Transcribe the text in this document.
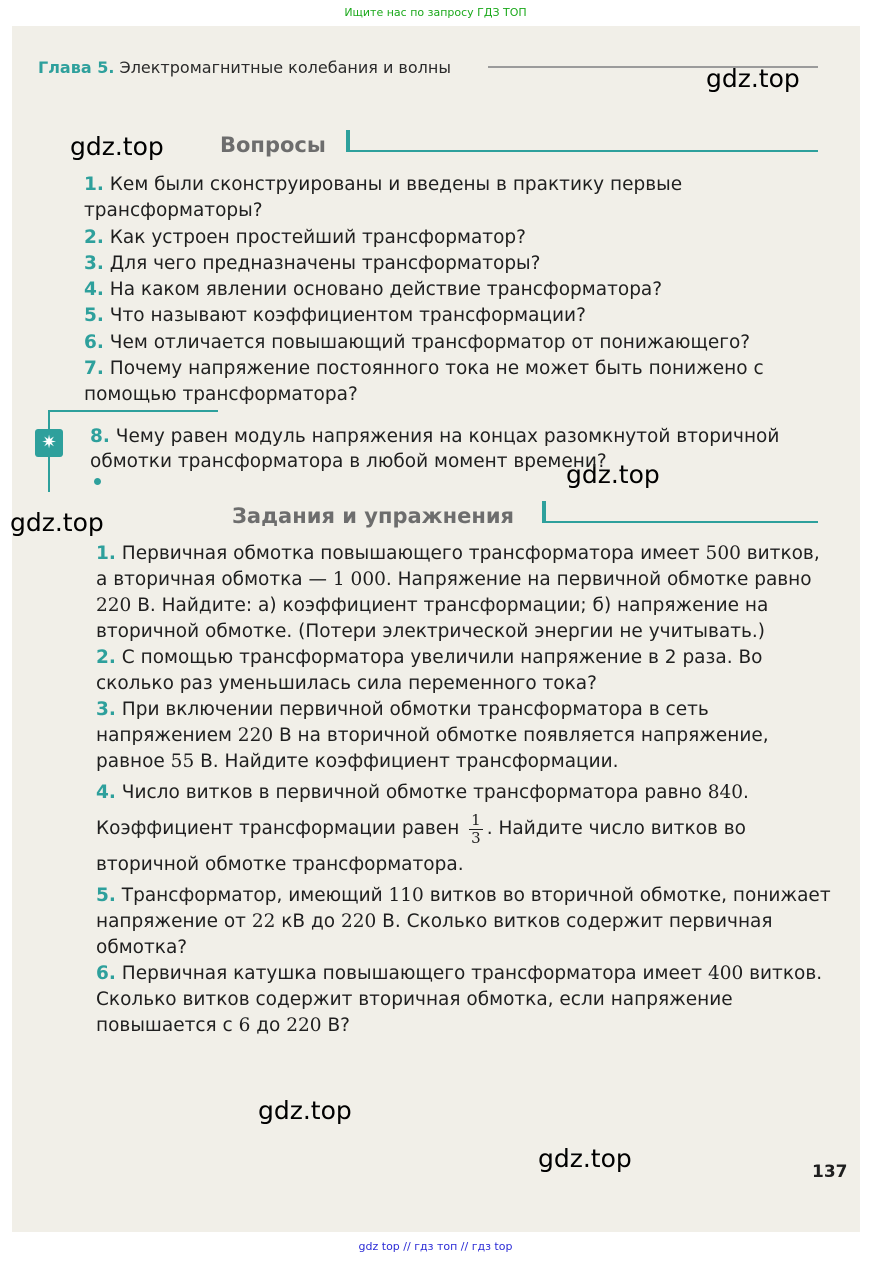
Ищите нас по запросу ГДЗ ТОП
Глава 5. Электромагнитные колебания и волны	gdz.top
gdz.top
gdz.top
gdz.top
gdz.top
gdz.top
Вопросы

1. Кем были сконструированы и введены в практику первые трансформаторы?

2. Как устроен простейший трансформатор?

3. Для чего предназначены трансформаторы?

4. На каком явлении основано действие трансформатора?

5. Что называют коэффициентом трансформации?

6. Чем отличается повышающий трансформатор от понижающего?

7. Почему напряжение постоянного тока не может быть понижено с помощью трансформатора?

✷	8. Чему равен модуль напряжения на концах разомкнутой вторичной обмотки трансформатора в любой момент времени?

Задания и упражнения

1. Первичная обмотка повышающего трансформатора имеет 500 витков, а вторичная обмотка — 1 000. Напряжение на первичной обмотке равно 220 В. Найдите: а) коэффициент трансформации; б) напряжение на вторичной обмотке. (Потери электрической энергии не учитывать.)

2. С помощью трансформатора увеличили напряжение в 2 раза. Во сколько раз уменьшилась сила переменного тока?

3. При включении первичной обмотки трансформатора в сеть напряжением 220 В на вторичной обмотке появляется напряжение, равное 55 В. Найдите коэффициент трансформации.

4. Число витков в первичной обмотке трансформатора равно 840. Коэффициент трансформации равен $\frac{1}{3}$ . Найдите число витков во вторичной обмотке трансформатора.

5. Трансформатор, имеющий 110 витков во вторичной обмотке, понижает напряжение от 22 кВ до 220 В. Сколько витков содержит первичная обмотка?

6. Первичная катушка повышающего трансформатора имеет 400 витков. Сколько витков содержит вторичная обмотка, если напряжение повышается с 6 до 220 В?

137
gdz top // гдз топ // гдз top
